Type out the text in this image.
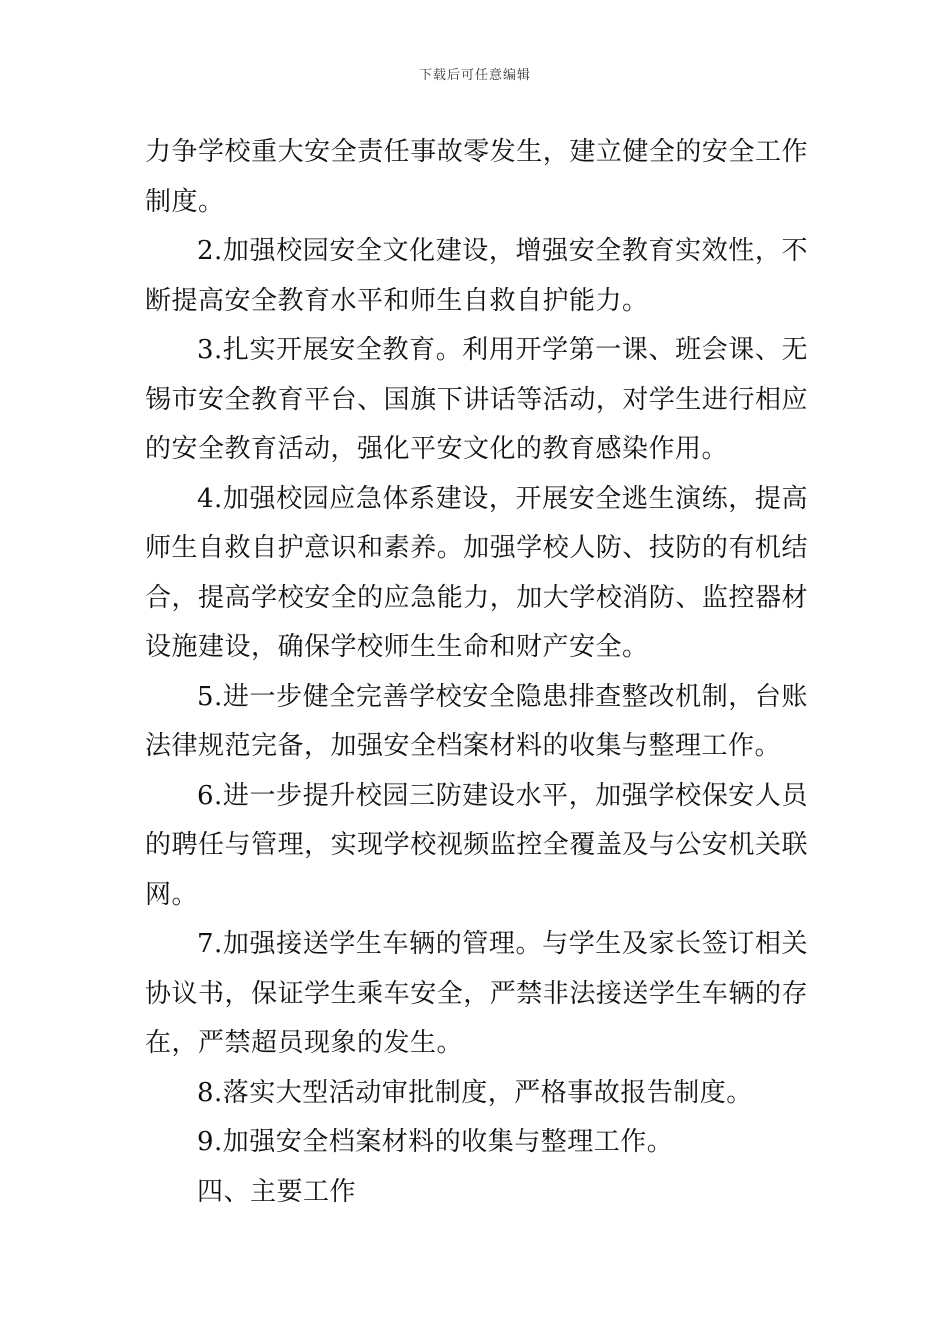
下载后可任意编辑

力争学校重大安全责任事故零发生，建立健全的安全工作制度。

2.加强校园安全文化建设，增强安全教育实效性，不断提高安全教育水平和师生自救自护能力。

3.扎实开展安全教育。利用开学第一课、班会课、无锡市安全教育平台、国旗下讲话等活动，对学生进行相应的安全教育活动，强化平安文化的教育感染作用。

4.加强校园应急体系建设，开展安全逃生演练，提高师生自救自护意识和素养。加强学校人防、技防的有机结合，提高学校安全的应急能力，加大学校消防、监控器材设施建设，确保学校师生生命和财产安全。

5.进一步健全完善学校安全隐患排查整改机制，台账法律规范完备，加强安全档案材料的收集与整理工作。

6.进一步提升校园三防建设水平，加强学校保安人员的聘任与管理，实现学校视频监控全覆盖及与公安机关联网。

7.加强接送学生车辆的管理。与学生及家长签订相关协议书，保证学生乘车安全，严禁非法接送学生车辆的存在，严禁超员现象的发生。

8.落实大型活动审批制度，严格事故报告制度。

9.加强安全档案材料的收集与整理工作。

四、主要工作
